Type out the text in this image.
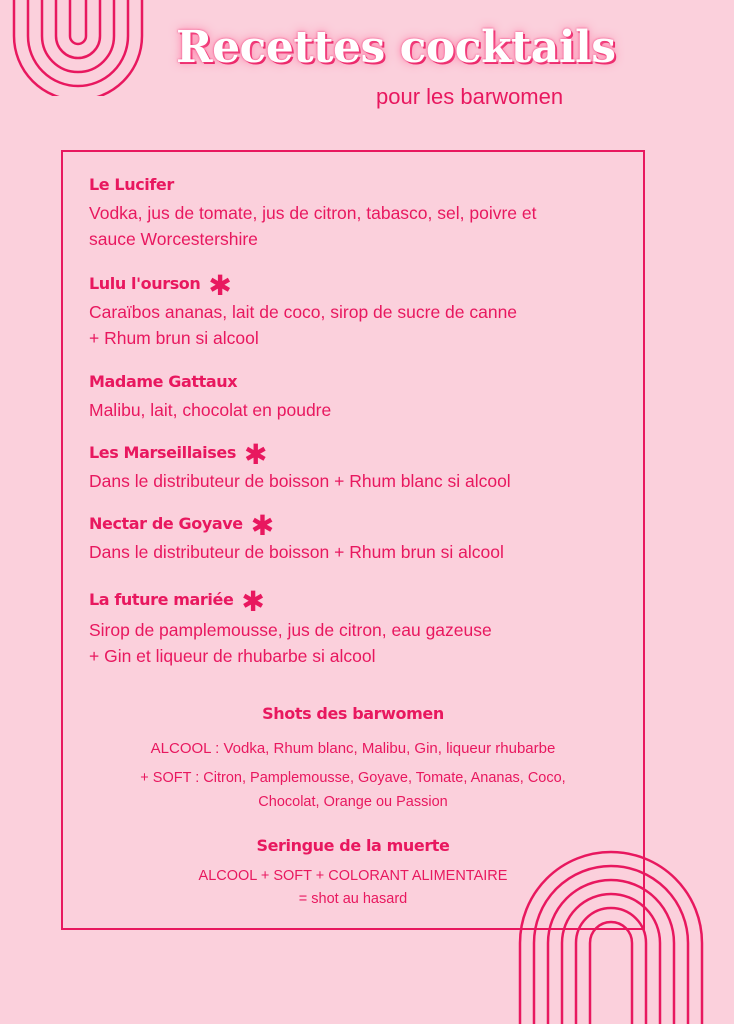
Recettes cocktails
pour les barwomen
Le Lucifer
Vodka, jus de tomate, jus de citron, tabasco, sel, poivre et
sauce Worcestershire
Lulu l'ourson ✱
Caraïbos ananas, lait de coco, sirop de sucre de canne
+ Rhum brun si alcool
Madame Gattaux
Malibu, lait, chocolat en poudre
Les Marseillaises ✱
Dans le distributeur de boisson + Rhum blanc si alcool
Nectar de Goyave ✱
Dans le distributeur de boisson + Rhum brun si alcool
La future mariée ✱
Sirop de pamplemousse, jus de citron, eau gazeuse
+ Gin et liqueur de rhubarbe si alcool
Shots des barwomen
ALCOOL : Vodka, Rhum blanc, Malibu, Gin, liqueur rhubarbe
+ SOFT : Citron, Pamplemousse, Goyave, Tomate, Ananas, Coco,
Chocolat, Orange ou Passion
Seringue de la muerte
ALCOOL + SOFT + COLORANT ALIMENTAIRE
= shot au hasard
